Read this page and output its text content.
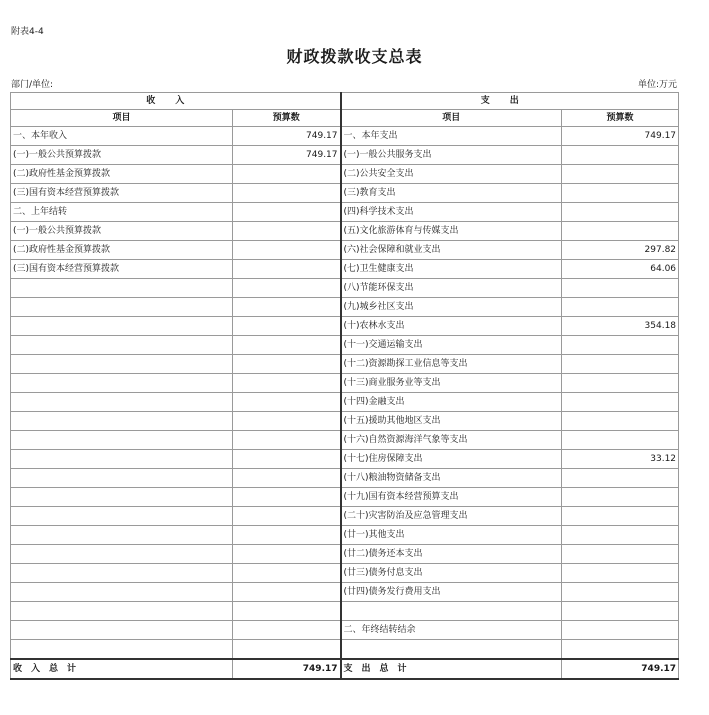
附表4-4
财政拨款收支总表
部门/单位:	单位:万元
收入		支出	
项目	预算数	项目	预算数
一、本年收入	749.17	一、本年支出	749.17
(一)一般公共预算拨款	749.17	(一)一般公共服务支出	
(二)政府性基金预算拨款		(二)公共安全支出	
(三)国有资本经营预算拨款		(三)教育支出	
二、上年结转		(四)科学技术支出	
(一)一般公共预算拨款		(五)文化旅游体育与传媒支出	
(二)政府性基金预算拨款		(六)社会保障和就业支出	297.82
(三)国有资本经营预算拨款		(七)卫生健康支出	64.06
		(八)节能环保支出	
		(九)城乡社区支出	
		(十)农林水支出	354.18
		(十一)交通运输支出	
		(十二)资源勘探工业信息等支出	
		(十三)商业服务业等支出	
		(十四)金融支出	
		(十五)援助其他地区支出	
		(十六)自然资源海洋气象等支出	
		(十七)住房保障支出	33.12
		(十八)粮油物资储备支出	
		(十九)国有资本经营预算支出	
		(二十)灾害防治及应急管理支出	
		(廿一)其他支出	
		(廿二)债务还本支出	
		(廿三)债务付息支出	
		(廿四)债务发行费用支出	

		二、年终结转结余	

收入总计	749.17	支出总计	749.17
